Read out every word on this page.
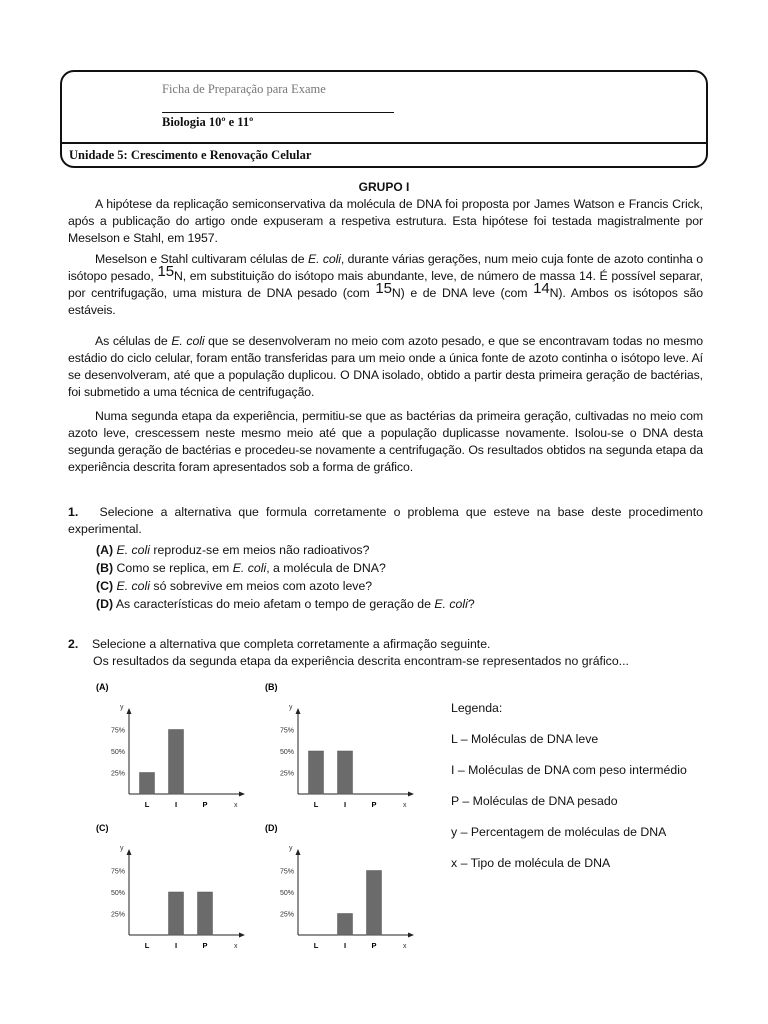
Ficha de Preparação para Exame
Biologia 10º e 11º
Unidade 5: Crescimento e Renovação Celular
GRUPO I
A hipótese da replicação semiconservativa da molécula de DNA foi proposta por James Watson e Francis Crick, após a publicação do artigo onde expuseram a respetiva estrutura. Esta hipótese foi testada magistralmente por Meselson e Stahl, em 1957.
Meselson e Stahl cultivaram células de E. coli, durante várias gerações, num meio cuja fonte de azoto continha o isótopo pesado, $^{15}$N, em substituição do isótopo mais abundante, leve, de número de massa 14. É possível separar, por centrifugação, uma mistura de DNA pesado (com $^{15}$N) e de DNA leve (com $^{14}$N). Ambos os isótopos são estáveis.
As células de E. coli que se desenvolveram no meio com azoto pesado, e que se encontravam todas no mesmo estádio do ciclo celular, foram então transferidas para um meio onde a única fonte de azoto continha o isótopo leve. Aí se desenvolveram, até que a população duplicou. O DNA isolado, obtido a partir desta primeira geração de bactérias, foi submetido a uma técnica de centrifugação.
Numa segunda etapa da experiência, permitiu-se que as bactérias da primeira geração, cultivadas no meio com azoto leve, crescessem neste mesmo meio até que a população duplicasse novamente. Isolou-se o DNA desta segunda geração de bactérias e procedeu-se novamente a centrifugação. Os resultados obtidos na segunda etapa da experiência descrita foram apresentados sob a forma de gráfico.
1. Selecione a alternativa que formula corretamente o problema que esteve na base deste procedimento experimental.
(A) E. coli reproduz-se em meios não radioativos?
(B) Como se replica, em E. coli, a molécula de DNA?
(C) E. coli só sobrevive em meios com azoto leve?
(D) As características do meio afetam o tempo de geração de E. coli?
2. Selecione a alternativa que completa corretamente a afirmação seguinte.
Os resultados da segunda etapa da experiência descrita encontram-se representados no gráfico...
(A)
y
x
25%
50%
75%
L	I	P
(B)
y
x
25%
50%
75%
L	I	P
(C)
y
x
25%
50%
75%
L	I	P
(D)
y
x
25%
50%
75%
L	I	P
Legenda:
L – Moléculas de DNA leve
I – Moléculas de DNA com peso intermédio
P – Moléculas de DNA pesado
y – Percentagem de moléculas de DNA
x – Tipo de molécula de DNA
